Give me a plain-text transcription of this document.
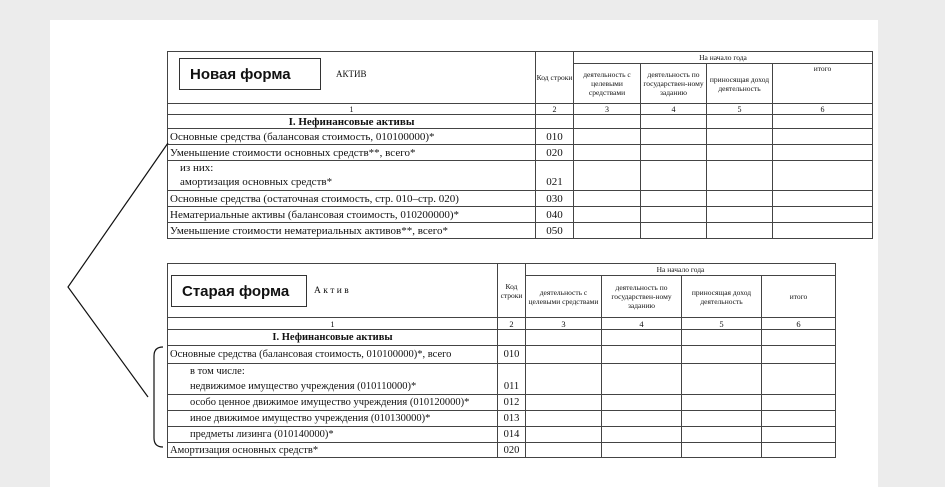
	Код строки	На начало года			

		деятельность с целевыми средствами	деятельность по государствен-ному заданию	приносящая доход деятельность	итого
1	2	3	4	5	6
I. Нефинансовые активы					
Основные средства (балансовая стоимость, 010100000)*	010				
Уменьшение стоимости основных средств**, всего*	020				
из них:					
амортизация основных средств*	021				
Основные средства (остаточная стоимость, стр. 010–стр. 020)	030				
Нематериальные активы (балансовая стоимость, 010200000)*	040				
Уменьшение стоимости нематериальных активов**, всего*	050				
Новая форма	АКТИВ
	Код строки	На начало года			
		деятельность с целевыми средствами	деятельность по государствен-ному заданию	приносящая доход деятельность	итого
1	2	3	4	5	6
I. Нефинансовые активы					
Основные средства (балансовая стоимость, 010100000)*, всего	010				
в том числе:					
недвижимое имущество учреждения (010110000)*	011				
особо ценное движимое имущество учреждения (010120000)*	012				
иное движимое имущество учреждения (010130000)*	013				
предметы лизинга (010140000)*	014				
Амортизация основных средств*	020				
Старая форма	А к т и в
